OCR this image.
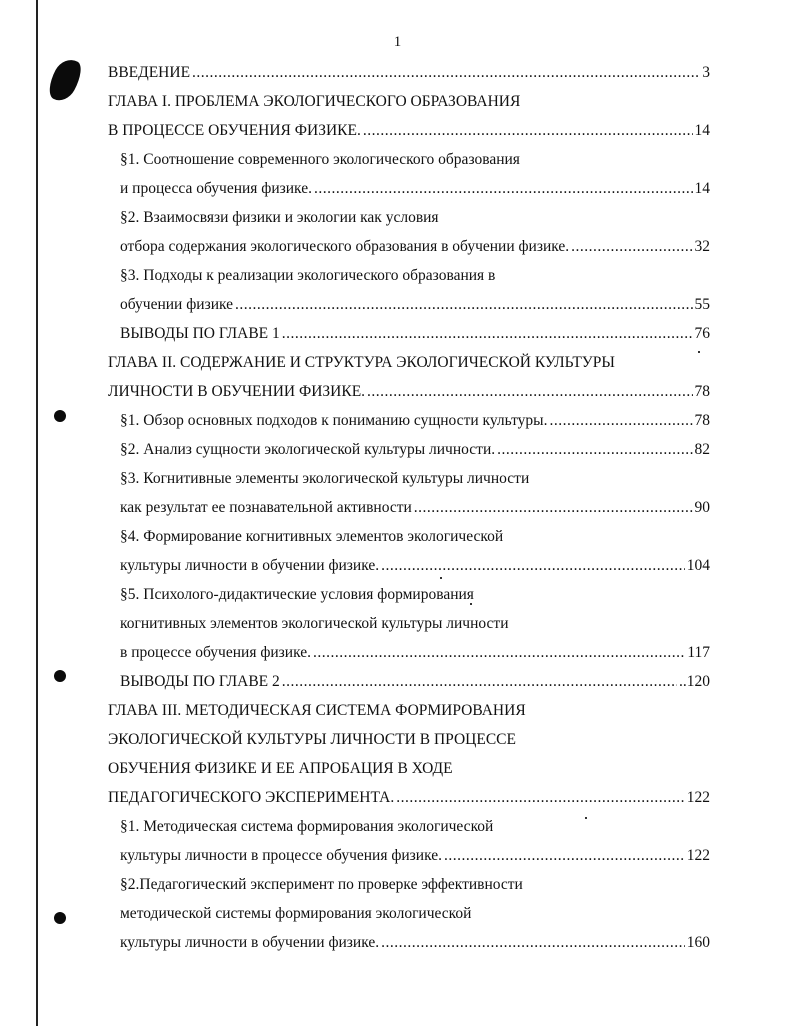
1
ВВЕДЕНИЕ .....	3
ГЛАВА I. ПРОБЛЕМА ЭКОЛОГИЧЕСКОГО ОБРАЗОВАНИЯ
В ПРОЦЕССЕ ОБУЧЕНИЯ ФИЗИКЕ. .....	14
§1. Соотношение современного экологического образования
и процесса обучения физике. .....	14
§2. Взаимосвязи физики и экологии как условия
отбора содержания экологического образования в обучении физике. .....	32
§3. Подходы к реализации экологического образования в
обучении физике .....	55
ВЫВОДЫ ПО ГЛАВЕ 1 .....	76
ГЛАВА II. СОДЕРЖАНИЕ И СТРУКТУРА ЭКОЛОГИЧЕСКОЙ КУЛЬТУРЫ
ЛИЧНОСТИ В ОБУЧЕНИИ ФИЗИКЕ. .....	78
§1. Обзор основных подходов к пониманию сущности культуры. .....	78
§2. Анализ сущности экологической культуры личности. .....	82
§3. Когнитивные элементы экологической культуры личности
как результат ее познавательной активности .....	90
§4. Формирование когнитивных элементов экологической
культуры личности в обучении физике. .....	104
§5. Психолого-дидактические условия формирования
когнитивных элементов экологической культуры личности
в процессе обучения физике. .....	117
ВЫВОДЫ ПО ГЛАВЕ 2 .....	..120
ГЛАВА III. МЕТОДИЧЕСКАЯ СИСТЕМА ФОРМИРОВАНИЯ
ЭКОЛОГИЧЕСКОЙ КУЛЬТУРЫ ЛИЧНОСТИ В ПРОЦЕССЕ
ОБУЧЕНИЯ ФИЗИКЕ И ЕЕ АПРОБАЦИЯ В ХОДЕ
ПЕДАГОГИЧЕСКОГО ЭКСПЕРИМЕНТА. .....	122
§1. Методическая система формирования экологической
культуры личности в процессе обучения физике. .....	122
§2.Педагогический эксперимент по проверке эффективности
методической системы формирования экологической
культуры личности в обучении физике. .....	160
